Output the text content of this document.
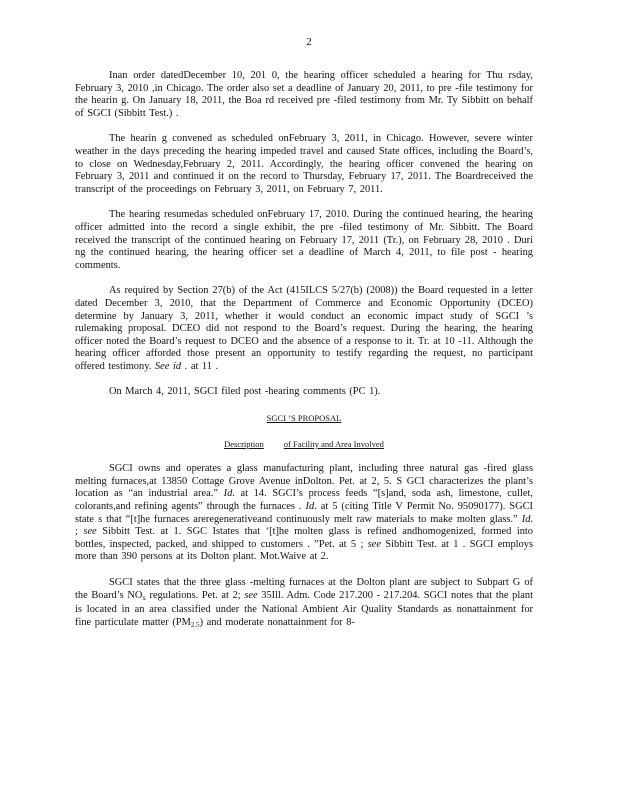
2

Inan order datedDecember 10, 201 0, the hearing officer scheduled a hearing for Thu rsday, February 3, 2010 ,in Chicago. The order also set a deadline of January 20, 2011, to pre -file testimony for the hearin g. On January 18, 2011, the Boa rd received pre -filed testimony from Mr. Ty Sibbitt on behalf of SGCI (Sibbitt Test.) .

The hearin g convened as scheduled onFebruary 3, 2011, in Chicago. However, severe winter weather in the days preceding the hearing impeded travel and caused State offices, including the Board’s, to close on Wednesday,February 2, 2011. Accordingly, the hearing officer convened the hearing on February 3, 2011 and continued it on the record to Thursday, February 17, 2011. The Boardreceived the transcript of the proceedings on February 3, 2011, on February 7, 2011.

The hearing resumedas scheduled onFebruary 17, 2010. During the continued hearing, the hearing officer admitted into the record a single exhibit, the pre -filed testimony of Mr. Sibbitt. The Board received the transcript of the continued hearing on February 17, 2011 (Tr.), on February 28, 2010 . Duri ng the continued hearing, the hearing officer set a deadline of March 4, 2011, to file post - hearing comments.

As required by Section 27(b) of the Act (415ILCS 5/27(b) (2008)) the Board requested in a letter dated December 3, 2010, that the Department of Commerce and Economic Opportunity (DCEO) determine by January 3, 2011, whether it would conduct an economic impact study of SGCI ’s rulemaking proposal. DCEO did not respond to the Board’s request. During the hearing, the hearing officer noted the Board’s request to DCEO and the absence of a response to it. Tr. at 10 -11. Although the hearing officer afforded those present an opportunity to testify regarding the request, no participant offered testimony. See id . at 11 .

On March 4, 2011, SGCI filed post -hearing comments (PC 1).

SGCI ’S PROPOSAL

Description of Facility and Area Involved

SGCI owns and operates a glass manufacturing plant, including three natural gas -fired glass melting furnaces,at 13850 Cottage Grove Avenue inDolton. Pet. at 2, 5. S GCI characterizes the plant’s location as “an industrial area.” Id. at 14. SGCI’s process feeds “[s]and, soda ash, limestone, cullet, colorants,and refining agents” through the furnaces . Id. at 5 (citing Title V Permit No. 95090177). SGCI state s that “[t]he furnaces areregenerativeand continuously melt raw materials to make molten glass.” Id. ; see Sibbitt Test. at 1. SGC Istates that ‘[t]he molten glass is refined andhomogenized, formed into bottles, inspected, packed, and shipped to customers . ”Pet. at 5 ; see Sibbitt Test. at 1 . SGCI employs more than 390 persons at its Dolton plant. Mot.Waive at 2.

SGCI states that the three glass -melting furnaces at the Dolton plant are subject to Subpart G of the Board’s $NO_x$ regulations. Pet. at 2; see 35Ill. Adm. Code 217.200 - 217.204. SGCI notes that the plant is located in an area classified under the National Ambient Air Quality Standards as nonattainment for fine particulate matter $(PM_{2.5})$ and moderate nonattainment for 8-
